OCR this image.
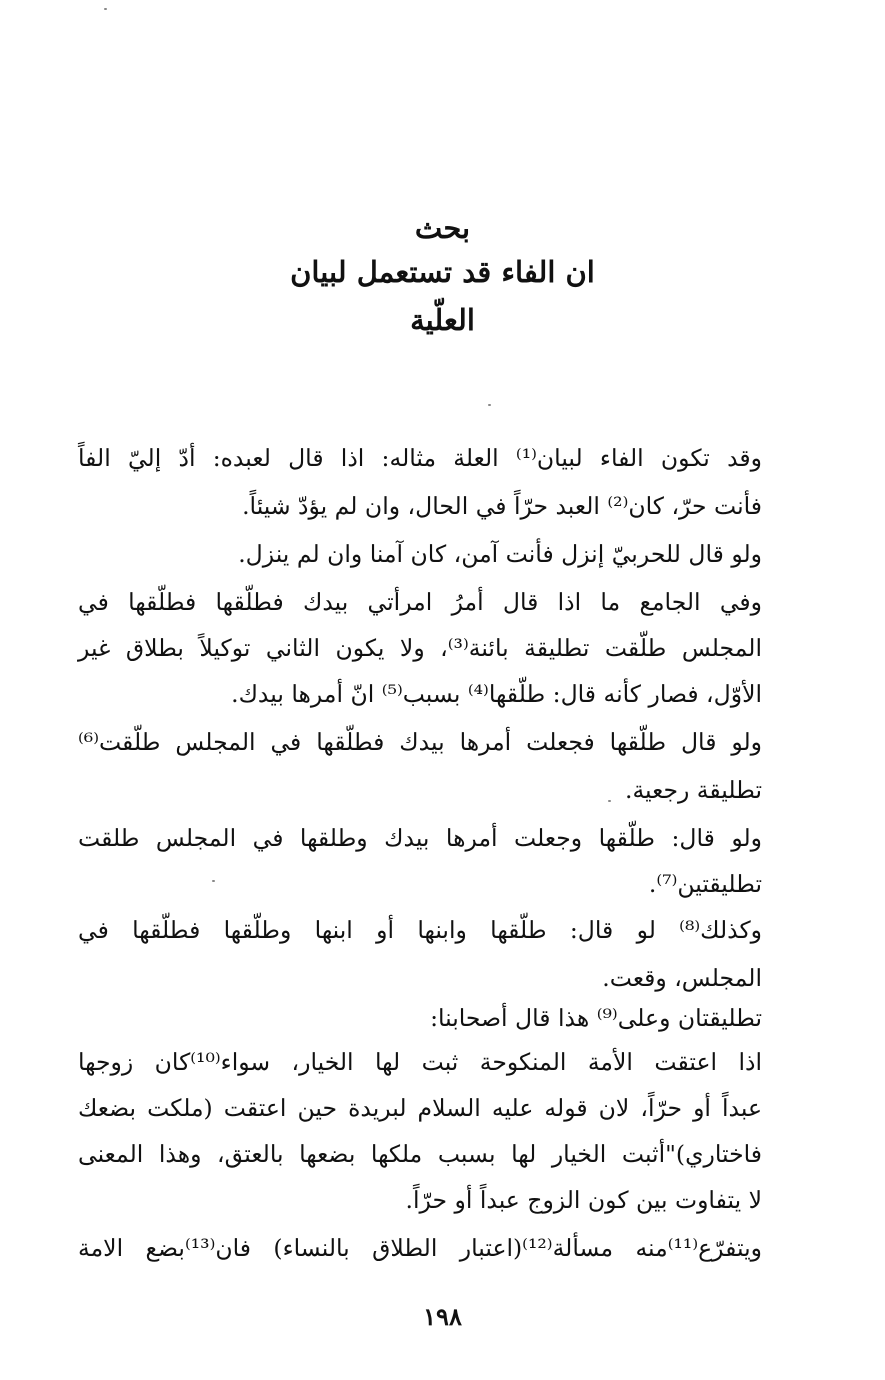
بحث
ان الفاء قد تستعمل لبيان
العلّية
وقد تكون الفاء لبيان⁽¹⁾ العلة مثاله: اذا قال لعبده: أدّ إليّ الفاً
فأنت حرّ، كان⁽²⁾ العبد حرّاً في الحال، وان لم يؤدّ شيئاً.
ولو قال للحربيّ إنزل فأنت آمن، كان آمنا وان لم ينزل.
وفي الجامع ما اذا قال أمرُ امرأتي بيدك فطلّقها فطلّقها في
المجلس طلّقت تطليقة بائنة⁽³⁾، ولا يكون الثاني توكيلاً بطلاق غير
الأوّل، فصار كأنه قال: طلّقها⁽⁴⁾ بسبب⁽⁵⁾ انّ أمرها بيدك.
ولو قال طلّقها فجعلت أمرها بيدك فطلّقها في المجلس طلّقت⁽⁶⁾
تطليقة رجعية.
ولو قال: طلّقها وجعلت أمرها بيدك وطلقها في المجلس طلقت
تطليقتين⁽⁷⁾.
وكذلك⁽⁸⁾ لو قال: طلّقها وابنها أو ابنها وطلّقها فطلّقها في
المجلس، وقعت.
تطليقتان وعلى⁽⁹⁾ هذا قال أصحابنا:
اذا اعتقت الأمة المنكوحة ثبت لها الخيار، سواء⁽¹⁰⁾كان زوجها
عبداً أو حرّاً، لان قوله عليه السلام لبريدة حين اعتقت (ملكت بضعك
فاختاري)"أثبت الخيار لها بسبب ملكها بضعها بالعتق، وهذا المعنى
لا يتفاوت بين كون الزوج عبداً أو حرّاً.
ويتفرّع⁽¹¹⁾منه مسألة⁽¹²⁾(اعتبار الطلاق بالنساء) فان⁽¹³⁾بضع الامة
١٩٨
